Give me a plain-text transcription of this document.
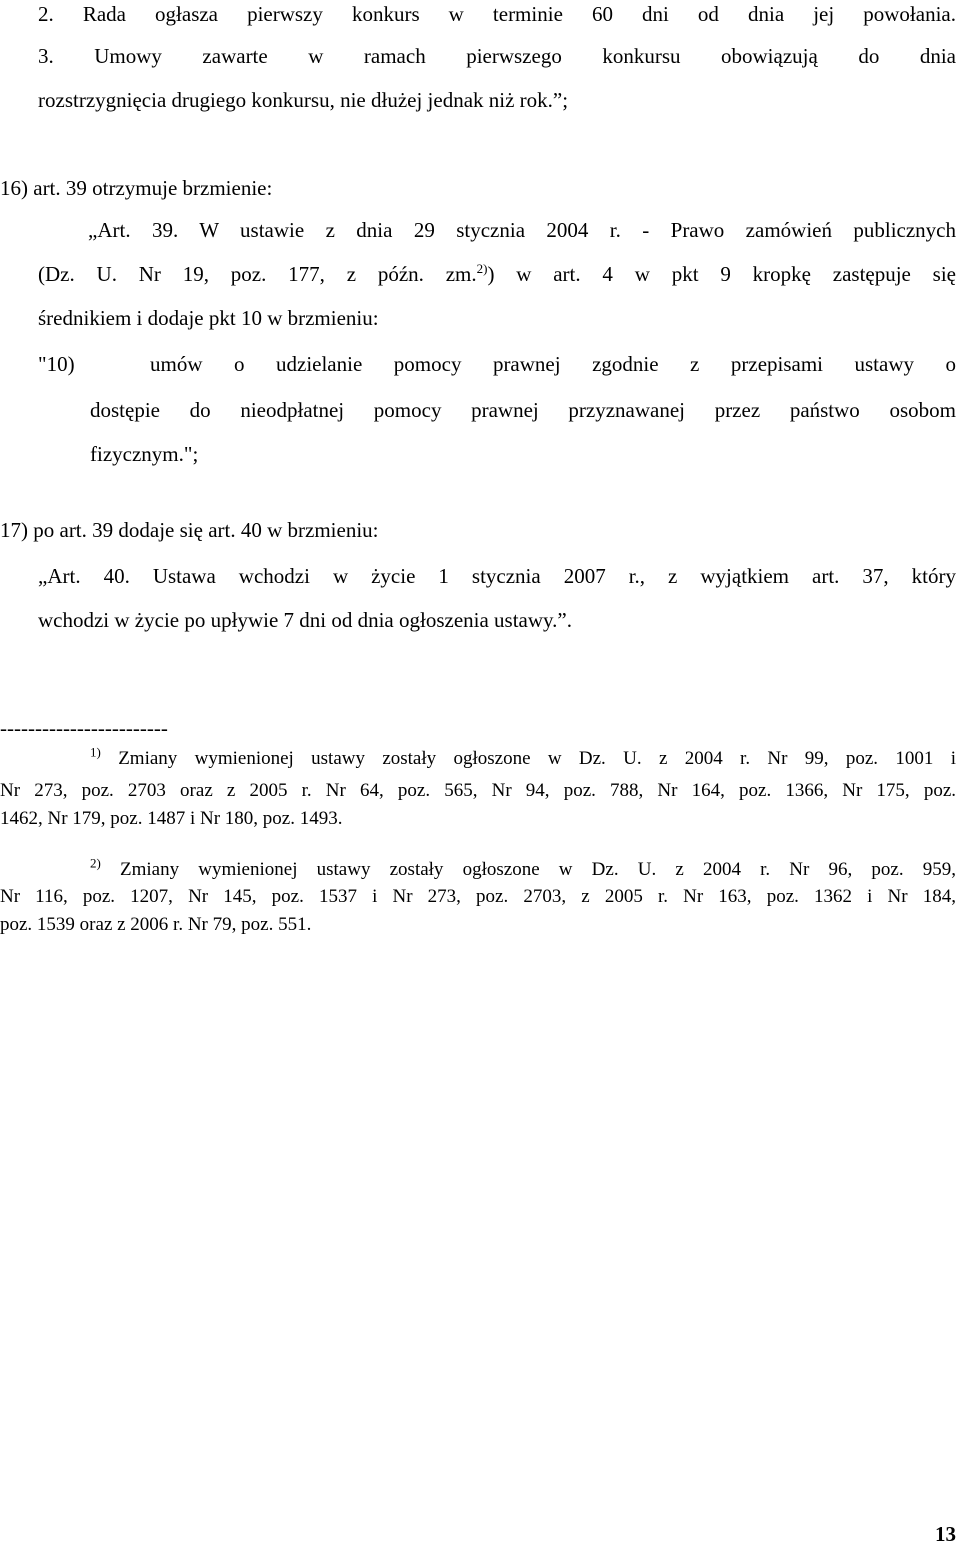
2. Rada ogłasza pierwszy konkurs w terminie 60 dni od dnia jej powołania.
3. Umowy zawarte w ramach pierwszego konkursu obowiązują do dnia
rozstrzygnięcia drugiego konkursu, nie dłużej jednak niż rok.”;
16) art. 39 otrzymuje brzmienie:
„Art. 39. W ustawie z dnia 29 stycznia 2004 r. - Prawo zamówień publicznych
(Dz. U. Nr 19, poz. 177, z późn. zm.$^{2)}$) w art. 4 w pkt 9 kropkę zastępuje się
średnikiem i dodaje pkt 10 w brzmieniu:
"10)	umów o udzielanie pomocy prawnej zgodnie z przepisami ustawy o
dostępie do nieodpłatnej pomocy prawnej przyznawanej przez państwo osobom
fizycznym.";
17) po art. 39 dodaje się art. 40 w brzmieniu:
„Art. 40. Ustawa wchodzi w życie 1 stycznia 2007 r., z wyjątkiem art. 37, który
wchodzi w życie po upływie 7 dni od dnia ogłoszenia ustawy.”.
------------------------
$^{1)}$ Zmiany wymienionej ustawy zostały ogłoszone w Dz. U. z 2004 r. Nr 99, poz. 1001 i
Nr 273, poz. 2703 oraz z 2005 r. Nr 64, poz. 565, Nr 94, poz. 788, Nr 164, poz. 1366, Nr 175, poz.
1462, Nr 179, poz. 1487 i Nr 180, poz. 1493.
$^{2)}$ Zmiany wymienionej ustawy zostały ogłoszone w Dz. U. z 2004 r. Nr 96, poz. 959,
Nr 116, poz. 1207, Nr 145, poz. 1537 i Nr 273, poz. 2703, z 2005 r. Nr 163, poz. 1362 i Nr 184,
poz. 1539 oraz z 2006 r. Nr 79, poz. 551.
13
